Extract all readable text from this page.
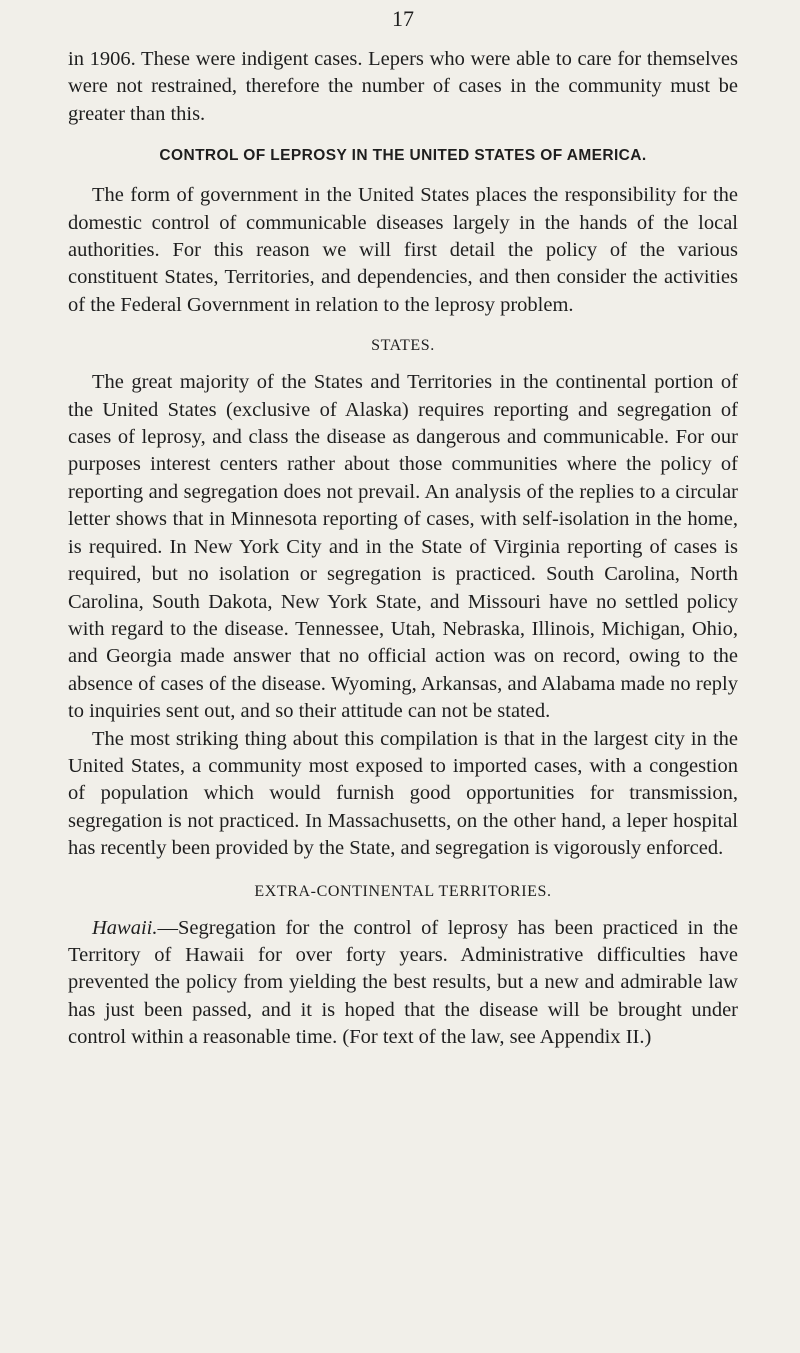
17

in 1906. These were indigent cases. Lepers who were able to care for themselves were not restrained, therefore the number of cases in the community must be greater than this.

CONTROL OF LEPROSY IN THE UNITED STATES OF AMERICA.

The form of government in the United States places the responsibility for the domestic control of communicable diseases largely in the hands of the local authorities. For this reason we will first detail the policy of the various constituent States, Territories, and dependencies, and then consider the activities of the Federal Government in relation to the leprosy problem.

STATES.

The great majority of the States and Territories in the continental portion of the United States (exclusive of Alaska) requires reporting and segregation of cases of leprosy, and class the disease as dangerous and communicable. For our purposes interest centers rather about those communities where the policy of reporting and segregation does not prevail. An analysis of the replies to a circular letter shows that in Minnesota reporting of cases, with self-isolation in the home, is required. In New York City and in the State of Virginia reporting of cases is required, but no isolation or segregation is practiced. South Carolina, North Carolina, South Dakota, New York State, and Missouri have no settled policy with regard to the disease. Tennessee, Utah, Nebraska, Illinois, Michigan, Ohio, and Georgia made answer that no official action was on record, owing to the absence of cases of the disease. Wyoming, Arkansas, and Alabama made no reply to inquiries sent out, and so their attitude can not be stated.

The most striking thing about this compilation is that in the largest city in the United States, a community most exposed to imported cases, with a congestion of population which would furnish good opportunities for transmission, segregation is not practiced. In Massachusetts, on the other hand, a leper hospital has recently been provided by the State, and segregation is vigorously enforced.

EXTRA-CONTINENTAL TERRITORIES.

Hawaii.—Segregation for the control of leprosy has been practiced in the Territory of Hawaii for over forty years. Administrative difficulties have prevented the policy from yielding the best results, but a new and admirable law has just been passed, and it is hoped that the disease will be brought under control within a reasonable time. (For text of the law, see Appendix II.)
